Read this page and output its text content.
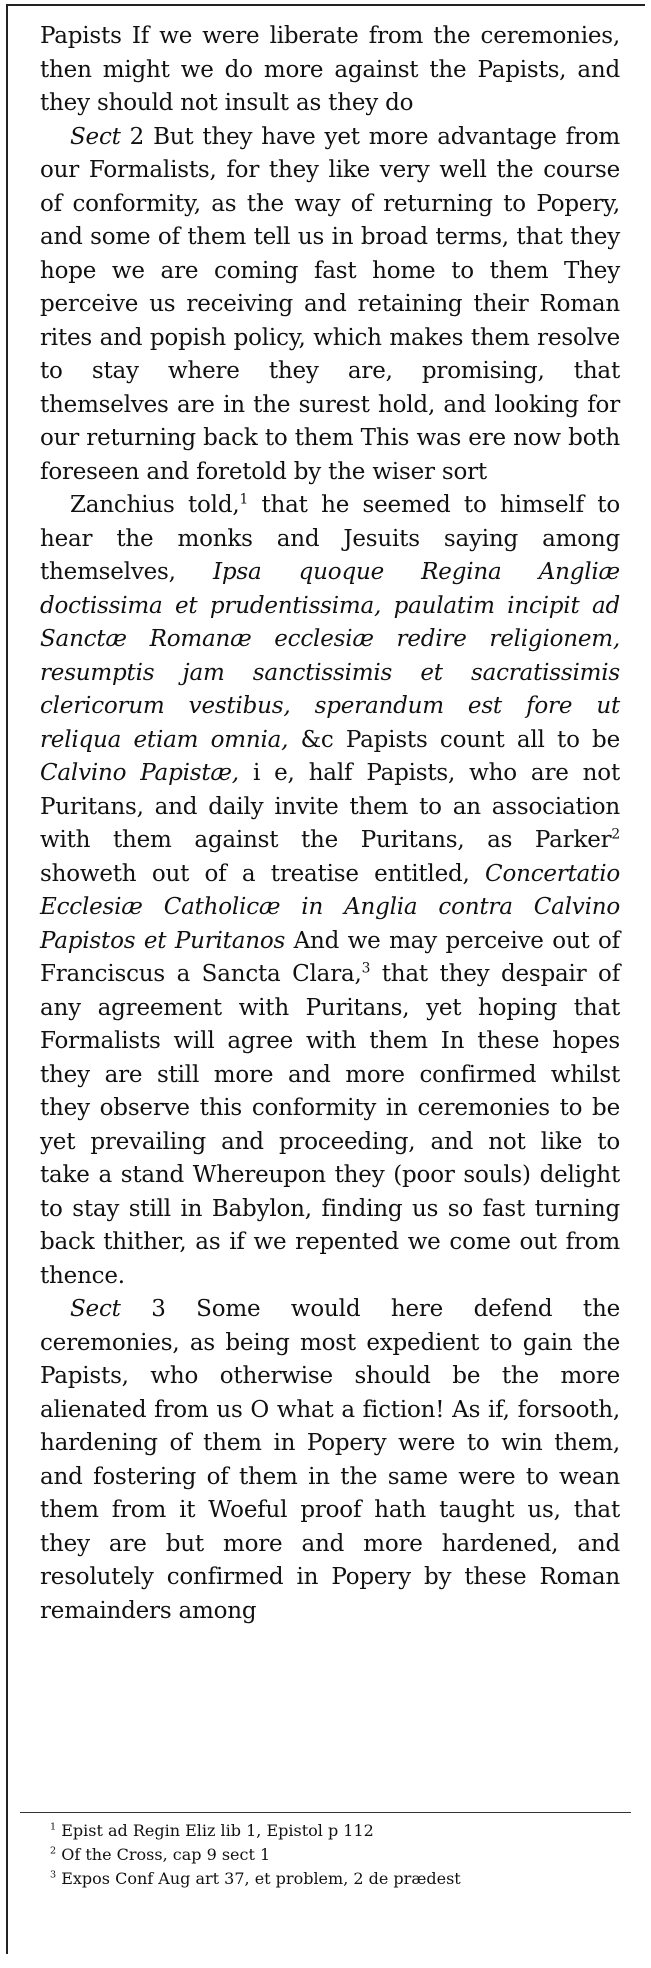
Papists If we were liberate from the ceremonies, then might we do more against the Papists, and they should not insult as they do

Sect 2 But they have yet more advantage from our Formalists, for they like very well the course of conformity, as the way of returning to Popery, and some of them tell us in broad terms, that they hope we are coming fast home to them They perceive us receiving and retaining their Roman rites and popish policy, which makes them resolve to stay where they are, promising, that themselves are in the surest hold, and looking for our returning back to them This was ere now both foreseen and foretold by the wiser sort

Zanchius told,$^1$ that he seemed to himself to hear the monks and Jesuits saying among themselves, Ipsa quoque Regina Angliæ doctissima et prudentissima, paulatim incipit ad Sanctæ Romanæ ecclesiæ redire religionem, resumptis jam sanctissimis et sacratissimis clericorum vestibus, sperandum est fore ut reliqua etiam omnia, &c Papists count all to be Calvino Papistæ, i e, half Papists, who are not Puritans, and daily invite them to an association with them against the Puritans, as Parker$^2$ showeth out of a treatise entitled, Concertatio Ecclesiæ Catholicæ in Anglia contra Calvino Papistos et Puritanos And we may perceive out of Franciscus a Sancta Clara,$^3$ that they despair of any agreement with Puritans, yet hoping that Formalists will agree with them In these hopes they are still more and more confirmed whilst they observe this conformity in ceremonies to be yet prevailing and proceeding, and not like to take a stand Whereupon they (poor souls) delight to stay still in Babylon, finding us so fast turning back thither, as if we repented we come out from thence.

Sect 3 Some would here defend the ceremonies, as being most expedient to gain the Papists, who otherwise should be the more alienated from us O what a fiction! As if, forsooth, hardening of them in Popery were to win them, and fostering of them in the same were to wean them from it Woeful proof hath taught us, that they are but more and more hardened, and resolutely confirmed in Popery by these Roman remainders among

$^1$ Epist ad Regin Eliz lib 1, Epistol p 112

$^2$ Of the Cross, cap 9 sect 1

$^3$ Expos Conf Aug art 37, et problem, 2 de prædest
